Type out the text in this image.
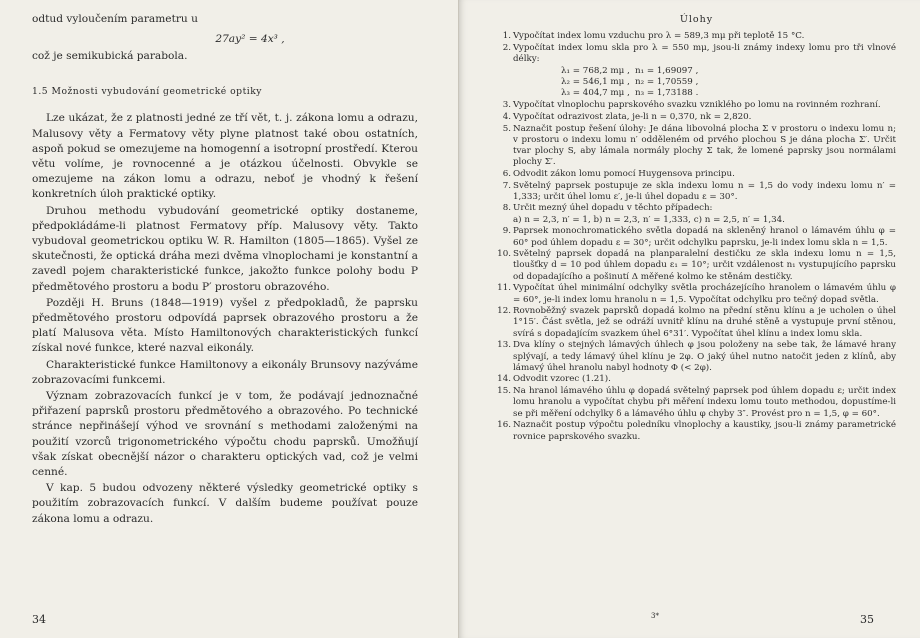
odtud vyloučením parametru u

27ay² = 4x³ ,

což je semikubická parabola.

1.5 Možnosti vybudování geometrické optiky

Lze ukázat, že z platnosti jedné ze tří vět, t. j. zákona lomu a odrazu, Malusovy věty a Fermatovy věty plyne platnost také obou ostatních, aspoň pokud se omezujeme na homogenní a isotropní prostředí. Kterou větu volíme, je rovnocenné a je otázkou účelnosti. Obvykle se omezujeme na zákon lomu a odrazu, neboť je vhodný k řešení konkretních úloh praktické optiky.

Druhou methodu vybudování geometrické optiky dostaneme, předpokládáme-li platnost Fermatovy příp. Malusovy věty. Takto vybudoval geometrickou optiku W. R. Hamilton (1805—1865). Vyšel ze skutečnosti, že optická dráha mezi dvěma vlnoplochami je konstantní a zavedl pojem charakteristické funkce, jakožto funkce polohy bodu P předmětového prostoru a bodu P′ prostoru obrazového.

Později H. Bruns (1848—1919) vyšel z předpokladů, že paprsku předmětového prostoru odpovídá paprsek obrazového prostoru a že platí Malusova věta. Místo Hamiltonových charakteristických funkcí získal nové funkce, které nazval eikonály.

Charakteristické funkce Hamiltonovy a eikonály Brunsovy nazýváme zobrazovacími funkcemi.

Význam zobrazovacích funkcí je v tom, že podávají jednoznačné přiřazení paprsků prostoru předmětového a obrazového. Po technické stránce nepřinášejí výhod ve srovnání s methodami založenými na použití vzorců trigonometrického výpočtu chodu paprsků. Umožňují však získat obecnější názor o charakteru optických vad, což je velmi cenné.

V kap. 5 budou odvozeny některé výsledky geometrické optiky s použitím zobrazovacích funkcí. V dalším budeme používat pouze zákona lomu a odrazu.

34
Úlohy
1. Vypočítat index lomu vzduchu pro λ = 589,3 mμ při teplotě 15 °C.
2. Vypočítat index lomu skla pro λ = 550 mμ, jsou-li známy indexy lomu pro tři vlnové délky:
λ₁ = 768,2 mμ , n₁ = 1,69097 ,
λ₂ = 546,1 mμ , n₂ = 1,70559 ,
λ₃ = 404,7 mμ , n₃ = 1,73188 .
3. Vypočítat vlnoplochu paprskového svazku vzniklého po lomu na rovinném rozhraní.
4. Vypočítat odrazivost zlata, je-li n = 0,370, nk = 2,820.
5. Naznačit postup řešení úlohy: Je dána libovolná plocha Σ v prostoru o indexu lomu n; v prostoru o indexu lomu n′ odděleném od prvého plochou S je dána plocha Σ′. Určit tvar plochy S, aby lámala normály plochy Σ tak, že lomené paprsky jsou normálami plochy Σ′.
6. Odvodit zákon lomu pomocí Huygensova principu.
7. Světelný paprsek postupuje ze skla indexu lomu n = 1,5 do vody indexu lomu n′ = 1,333; určit úhel lomu ε′, je-li úhel dopadu ε = 30°.
8. Určit mezný úhel dopadu v těchto případech:
a) n = 2,3, n′ = 1, b) n = 2,3, n′ = 1,333, c) n = 2,5, n′ = 1,34.
9. Paprsek monochromatického světla dopadá na skleněný hranol o lámavém úhlu φ = 60° pod úhlem dopadu ε = 30°; určit odchylku paprsku, je-li index lomu skla n = 1,5.
10. Světelný paprsek dopadá na planparalelní destičku ze skla indexu lomu n = 1,5, tloušťky d = 10 pod úhlem dopadu ε₁ = 10°; určit vzdálenost n₁ vystupujícího paprsku od dopadajícího a pošinutí Δ měřené kolmo ke stěnám destičky.
11. Vypočítat úhel minimální odchylky světla procházejícího hranolem o lámavém úhlu φ = 60°, je-li index lomu hranolu n = 1,5. Vypočítat odchylku pro tečný dopad světla.
12. Rovnoběžný svazek paprsků dopadá kolmo na přední stěnu klínu a je ucholen o úhel 1°15′. Část světla, jež se odráží uvnitř klínu na druhé stěně a vystupuje první stěnou, svírá s dopadajícím svazkem úhel 6°31′. Vypočítat úhel klínu a index lomu skla.
13. Dva klíny o stejných lámavých úhlech φ jsou položeny na sebe tak, že lámavé hrany splývají, a tedy lámavý úhel klínu je 2φ. O jaký úhel nutno natočit jeden z klínů, aby lámavý úhel hranolu nabyl hodnoty Φ (< 2φ).
14. Odvodit vzorec (1.21).
15. Na hranol lámavého úhlu φ dopadá světelný paprsek pod úhlem dopadu ε; určit index lomu hranolu a vypočítat chybu při měření indexu lomu touto methodou, dopustíme-li se při měření odchylky δ a lámavého úhlu φ chyby 3″. Provést pro n = 1,5, φ = 60°.
16. Naznačit postup výpočtu poledníku vlnoplochy a kaustiky, jsou-li známy parametrické rovnice paprskového svazku.
3*	35
